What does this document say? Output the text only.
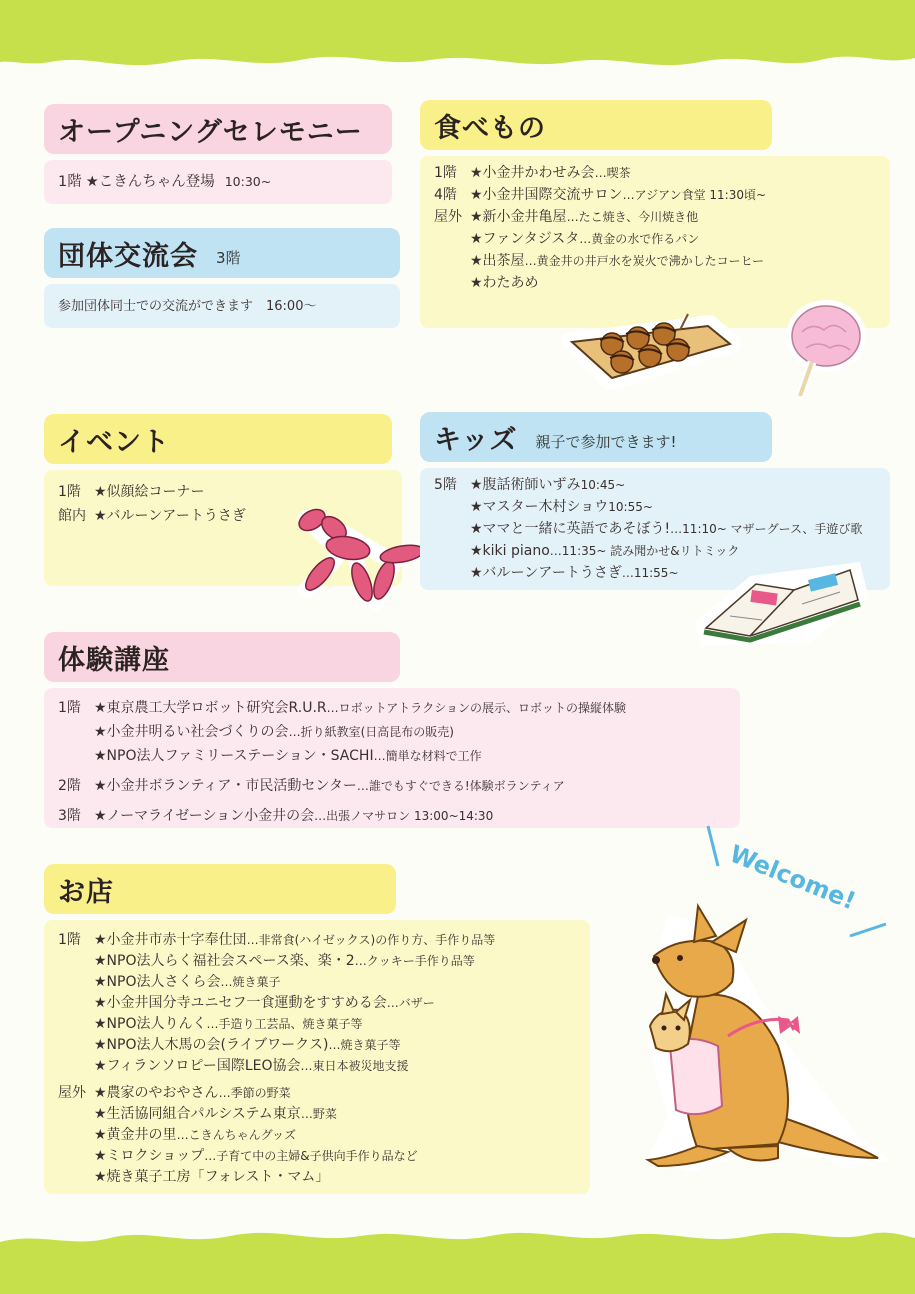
オープニングセレモニー
1階 ★こきんちゃん登場 10:30~
団体交流会 3階
参加団体同士での交流ができます　16:00～
食べもの
1階 ★小金井かわせみ会 …喫茶
4階 ★小金井国際交流サロン …アジアン食堂 11:30頃~
屋外 ★新小金井亀屋 …たこ焼き、今川焼き他
★ファンタジスタ …黄金の水で作るパン
★出茶屋 …黄金井の井戸水を炭火で沸かしたコーヒー
★わたあめ
イベント
1階 ★似顔絵コーナー
館内 ★バルーンアートうさぎ
キッズ 親子で参加できます!
5階 ★腹話術師いずみ 10:45~
★マスター木村ショウ 10:55~
★ママと一緒に英語であそぼう! …11:10~ マザーグース、手遊び歌
★kiki piano …11:35~ 読み聞かせ&リトミック
★バルーンアートうさぎ …11:55~
体験講座
1階 ★東京農工大学ロボット研究会R.U.R …ロボットアトラクションの展示、ロボットの操縦体験
★小金井明るい社会づくりの会 …折り紙教室(日高昆布の販売)
★NPO法人ファミリーステーション・SACHI …簡単な材料で工作
2階 ★小金井ボランティア・市民活動センター …誰でもすぐできる!体験ボランティア
3階 ★ノーマライゼーション小金井の会 …出張ノマサロン 13:00~14:30
Welcome!
お店
1階 ★小金井市赤十字奉仕団 …非常食(ハイゼックス)の作り方、手作り品等
★NPO法人らく福社会スペース楽、楽・2 …クッキー手作り品等
★NPO法人さくら会 …焼き菓子
★小金井国分寺ユニセフ一食運動をすすめる会 …バザー
★NPO法人りんく …手造り工芸品、焼き菓子等
★NPO法人木馬の会(ライブワークス) …焼き菓子等
★フィランソロピー国際LEO協会 …東日本被災地支援
屋外 ★農家のやおやさん …季節の野菜
★生活協同組合パルシステム東京 …野菜
★黄金井の里 …こきんちゃんグッズ
★ミロクショップ …子育て中の主婦&子供向手作り品など
★焼き菓子工房「フォレスト・マム」
